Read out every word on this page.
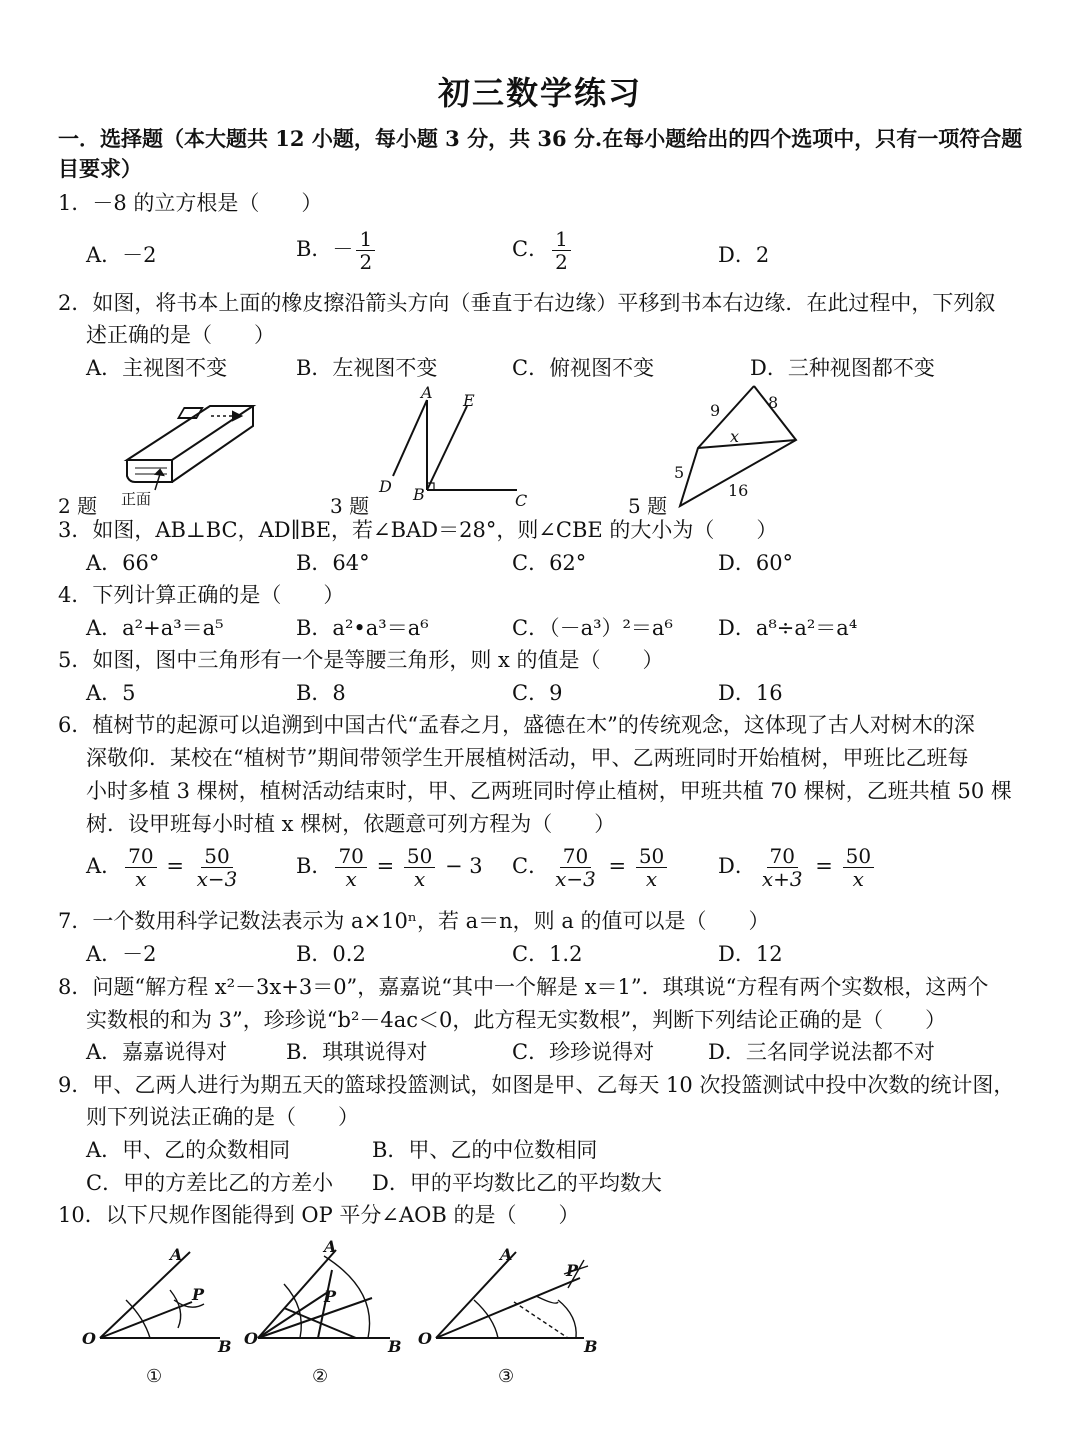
初三数学练习
一．选择题（本大题共 12 小题，每小题 3 分，共 36 分.在每小题给出的四个选项中，只有一项符合题
目要求）
1．－8 的立方根是（　　）
A．－2	B．－ $\frac{1}{2}$	C． $\frac{1}{2}$	D．2
2．如图，将书本上面的橡皮擦沿箭头方向（垂直于右边缘）平移到书本右边缘．在此过程中，下列叙
述正确的是（　　）
A．主视图不变	B．左视图不变	C．俯视图不变	D．三种视图都不变
2 题 正面	3 题
A E
D B	C	5 题
9	8
x
5
16
3．如图，AB⊥BC，AD∥BE，若∠BAD＝28°，则∠CBE 的大小为（　　）
A．66°	B．64°	C．62°	D．60°
4．下列计算正确的是（　　）
A．a²+a³＝a⁵	B．a²•a³＝a⁶	C．（－a³）²＝a⁶ D．a⁸÷a²＝a⁴
5．如图，图中三角形有一个是等腰三角形，则 x 的值是（　　）
A．5	B．8	C．9	D．16
6．植树节的起源可以追溯到中国古代“孟春之月，盛德在木”的传统观念，这体现了古人对树木的深
深敬仰．某校在“植树节”期间带领学生开展植树活动，甲、乙两班同时开始植树，甲班比乙班每
小时多植 3 棵树，植树活动结束时，甲、乙两班同时停止植树，甲班共植 70 棵树，乙班共植 50 棵
树．设甲班每小时植 x 棵树，依题意可列方程为（　　）
A． $\frac{70}{x} = \frac{50}{x-3}$	B． $\frac{70}{x} = \frac{50}{x} - 3$ C． $\frac{70}{x-3} = \frac{50}{x}$ D． $\frac{70}{x+3} = \frac{50}{x}$
7．一个数用科学记数法表示为 a×10ⁿ，若 a＝n，则 a 的值可以是（　　）
A．－2	B．0.2	C．1.2	D．12
8．问题“解方程 x²－3x+3＝0”，嘉嘉说“其中一个解是 x＝1”．琪琪说“方程有两个实数根，这两个
实数根的和为 3”，珍珍说“b²－4ac＜0，此方程无实数根”，判断下列结论正确的是（　　）
A．嘉嘉说得对	B．琪琪说得对	C．珍珍说得对	D．三名同学说法都不对
9．甲、乙两人进行为期五天的篮球投篮测试，如图是甲、乙每天 10 次投篮测试中投中次数的统计图，
则下列说法正确的是（　　）
A．甲、乙的众数相同	B．甲、乙的中位数相同
C．甲的方差比乙的方差小 D．甲的平均数比乙的平均数大
10．以下尺规作图能得到 OP 平分∠AOB 的是（　　）
O
A
B
P
①
O
A
B
P
②
O
A
B
P
③
